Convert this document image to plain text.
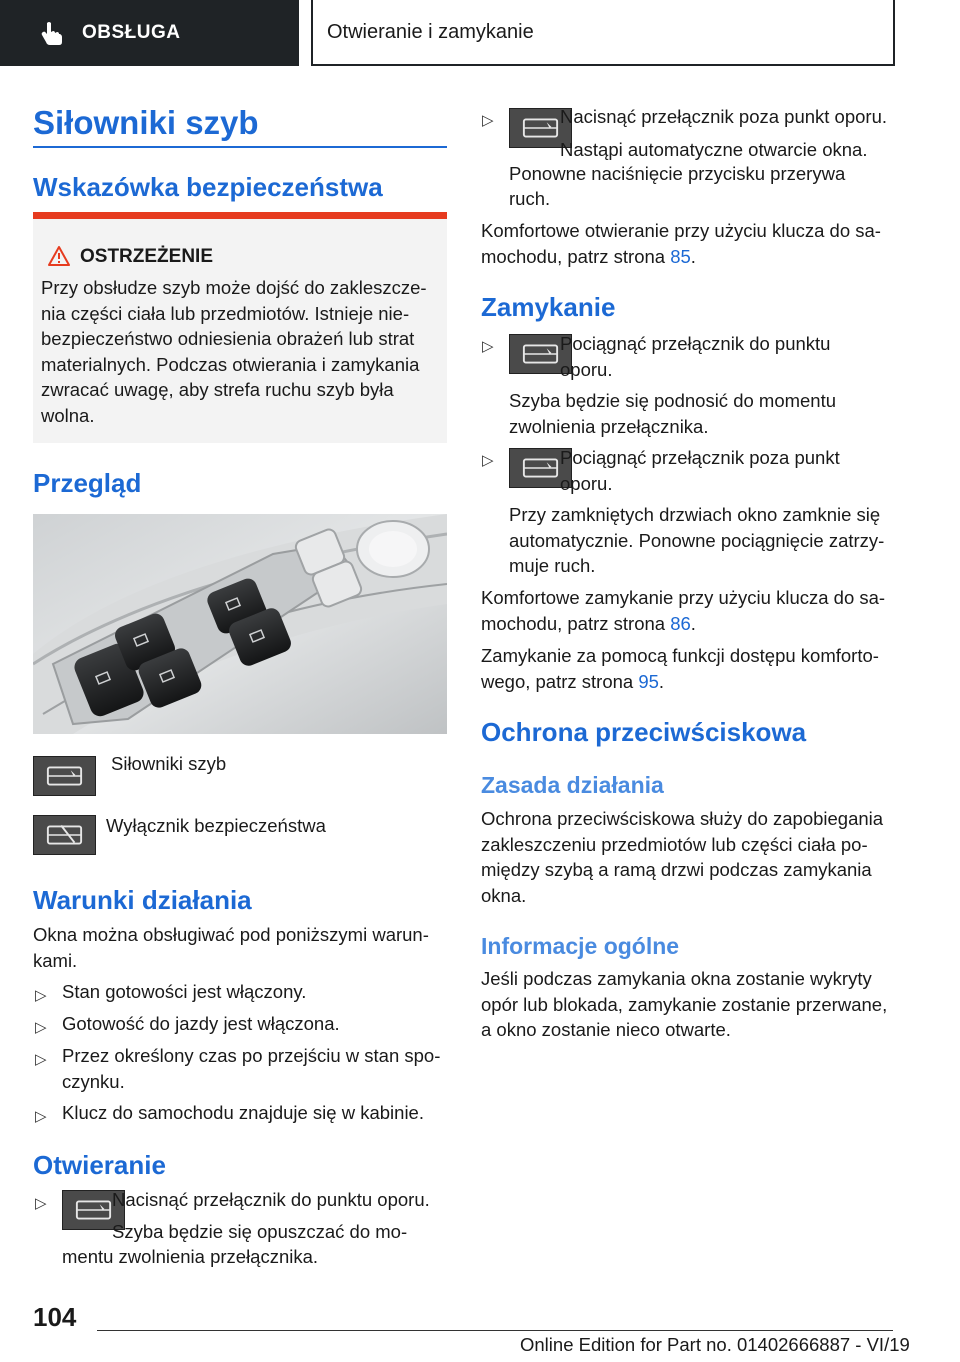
OBSŁUGA	Otwieranie i zamykanie
Siłowniki szyb
Wskazówka bezpieczeństwa
OSTRZEŻENIE
Przy obsłudze szyb może dojść do zakleszcze-
nia części ciała lub przedmiotów. Istnieje nie-
bezpieczeństwo odniesienia obrażeń lub strat
materialnych. Podczas otwierania i zamykania
zwracać uwagę, aby strefa ruchu szyb była
wolna.
Przegląd
Siłowniki szyb
Wyłącznik bezpieczeństwa
Warunki działania
Okna można obsługiwać pod poniższymi warun-
kami.
▷ Stan gotowości jest włączony.
▷ Gotowość do jazdy jest włączona.
▷ Przez określony czas po przejściu w stan spo-
czynku.
▷ Klucz do samochodu znajduje się w kabinie.
Otwieranie
▷	Nacisnąć przełącznik do punktu oporu.
Szyba będzie się opuszczać do mo-
mentu zwolnienia przełącznika.
▷	Nacisnąć przełącznik poza punkt oporu.
Nastąpi automatyczne otwarcie okna.
Ponowne naciśnięcie przycisku przerywa
ruch.
Komfortowe otwieranie przy użyciu klucza do sa-
mochodu, patrz strona 85.
Zamykanie
▷	Pociągnąć przełącznik do punktu
oporu.
Szyba będzie się podnosić do momentu
zwolnienia przełącznika.
▷	Pociągnąć przełącznik poza punkt
oporu.
Przy zamkniętych drzwiach okno zamknie się
automatycznie. Ponowne pociągnięcie zatrzy-
muje ruch.
Komfortowe zamykanie przy użyciu klucza do sa-
mochodu, patrz strona 86.
Zamykanie za pomocą funkcji dostępu komforto-
wego, patrz strona 95.
Ochrona przeciwściskowa
Zasada działania
Ochrona przeciwściskowa służy do zapobiegania
zakleszczeniu przedmiotów lub części ciała po-
między szybą a ramą drzwi podczas zamykania
okna.
Informacje ogólne
Jeśli podczas zamykania okna zostanie wykryty
opór lub blokada, zamykanie zostanie przerwane,
a okno zostanie nieco otwarte.
104
Online Edition for Part no. 01402666887 - VI/19
